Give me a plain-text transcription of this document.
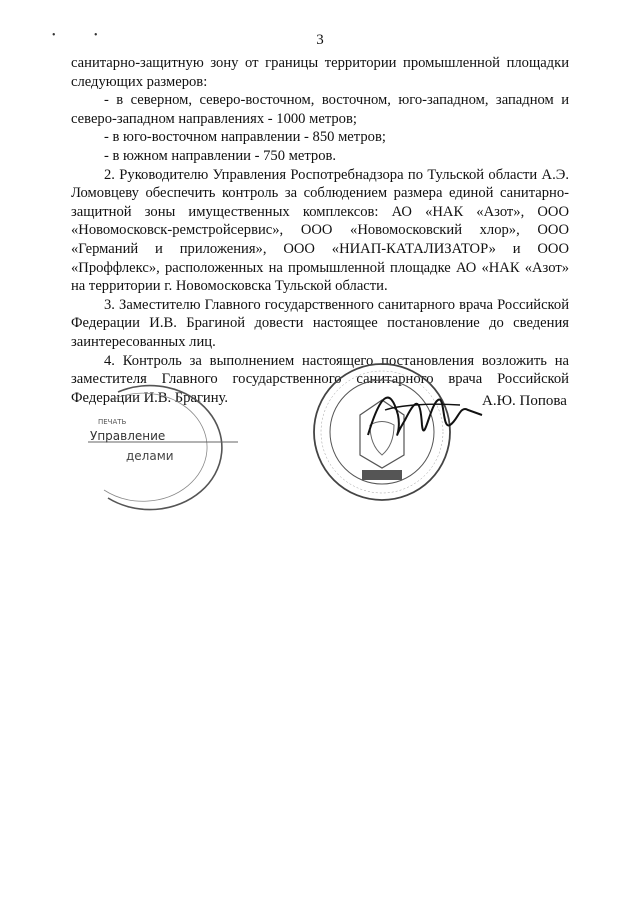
• •	3

санитарно-защитную зону от границы территории промышленной площадки следующих размеров:

- в северном, северо-восточном, восточном, юго-западном, западном и северо-западном направлениях - 1000 метров;

- в юго-восточном направлении - 850 метров;

- в южном направлении - 750 метров.

2. Руководителю Управления Роспотребнадзора по Тульской области А.Э. Ломовцеву обеспечить контроль за соблюдением размера единой санитарно-защитной зоны имущественных комплексов: АО «НАК «Азот», ООО «Новомосковск-ремстройсервис», ООО «Новомосковский хлор», ООО «Германий и приложения», ООО «НИАП-КАТАЛИЗАТОР» и ООО «Проффлекс», расположенных на промышленной площадке АО «НАК «Азот» на территории г. Новомосковска Тульской области.

3. Заместителю Главного государственного санитарного врача Российской Федерации И.В. Брагиной довести настоящее постановление до сведения заинтересованных лиц.

4. Контроль за выполнением настоящего постановления возложить на заместителя Главного государственного санитарного врача Российской Федерации И.В. Брагину.

Управление
делами
ПЕЧАТЬ
А.Ю. Попова
